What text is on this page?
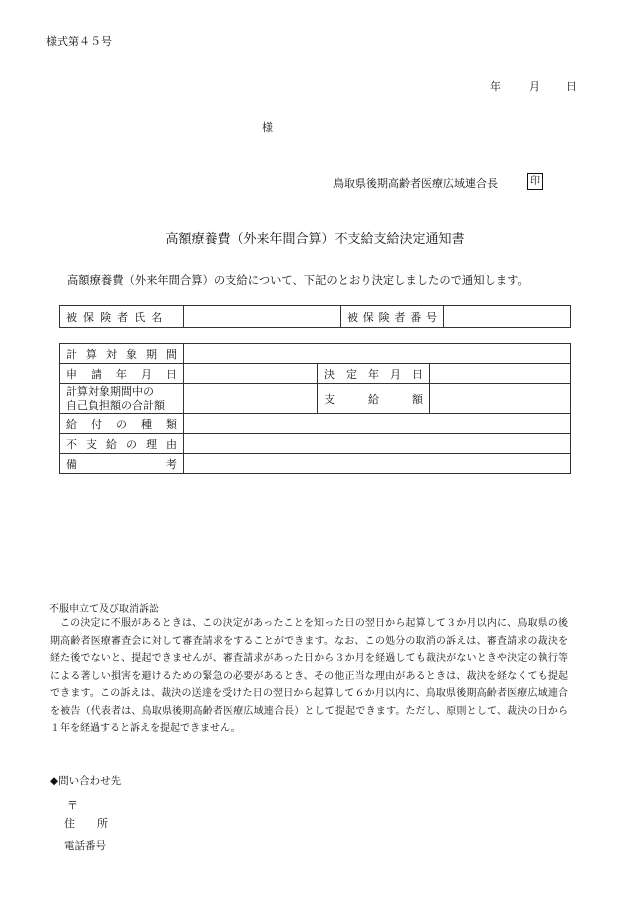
様式第４５号
年	月 日
様
鳥取県後期高齢者医療広域連合長	印
高額療養費（外来年間合算）不支給支給決定通知書
高額療養費（外来年間合算）の支給について、下記のとおり決定しましたので通知します。
被保険者氏名		被保険者番号	
計算対象期間			
申請年月日		決定年月日	

計算対象期間中の
自己負担額の合計額		支給額	
給付の種類			
不支給の理由			
備考			
不服申立て及び取消訴訟
この決定に不服があるときは、この決定があったことを知った日の翌日から起算して３か月以内に、鳥取県の後期高齢者医療審査会に対して審査請求をすることができます。なお、この処分の取消の訴えは、審査請求の裁決を経た後でないと、提起できませんが、審査請求があった日から３か月を経過しても裁決がないときや決定の執行等による著しい損害を避けるための緊急の必要があるとき、その他正当な理由があるときは、裁決を経なくても提起できます。この訴えは、裁決の送達を受けた日の翌日から起算して６か月以内に、鳥取県後期高齢者医療広域連合を被告（代表者は、鳥取県後期高齢者医療広域連合長）として提起できます。ただし、原則として、裁決の日から１年を経過すると訴えを提起できません。
◆問い合わせ先
〒
住　　所
電話番号
